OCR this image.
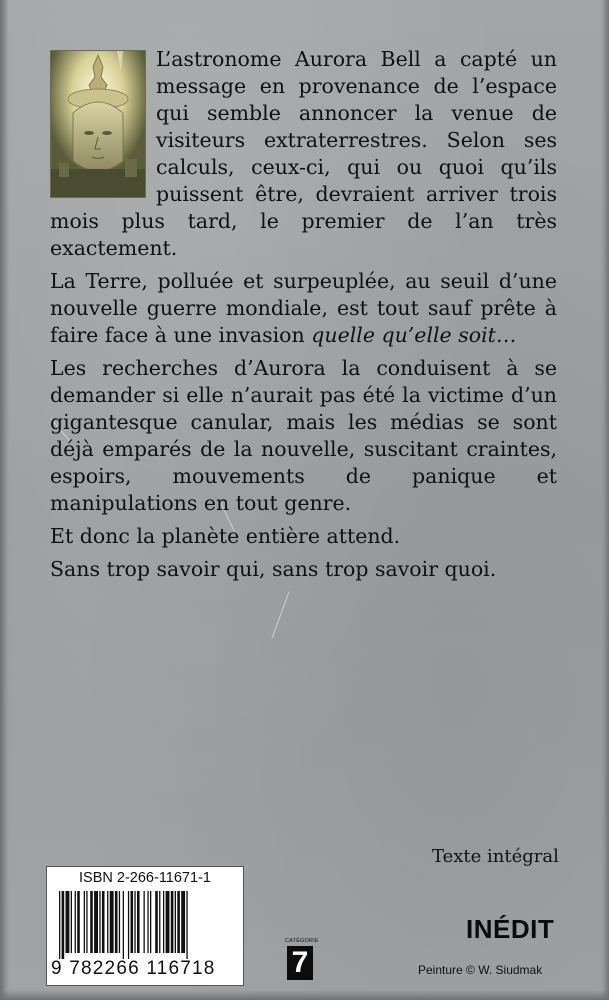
L’astronome Aurora Bell a capté un message en provenance de l’espace qui semble annoncer la venue de visiteurs extraterrestres. Selon ses calculs, ceux-ci, qui ou quoi qu’ils puissent être, devraient arriver trois mois plus tard, le premier de l’an très exactement.

La Terre, polluée et surpeuplée, au seuil d’une nouvelle guerre mondiale, est tout sauf prête à faire face à une invasion quelle qu’elle soit…

Les recherches d’Aurora la conduisent à se demander si elle n’aurait pas été la victime d’un gigantesque canular, mais les médias se sont déjà emparés de la nouvelle, suscitant craintes, espoirs, mouvements de panique et manipulations en tout genre.

Et donc la planète entière attend.

Sans trop savoir qui, sans trop savoir quoi.

Texte intégral
ISBN 2-266-11671-1
9 782266 116718
CATÉGORIE
7
INÉDIT
Peinture © W. Siudmak
